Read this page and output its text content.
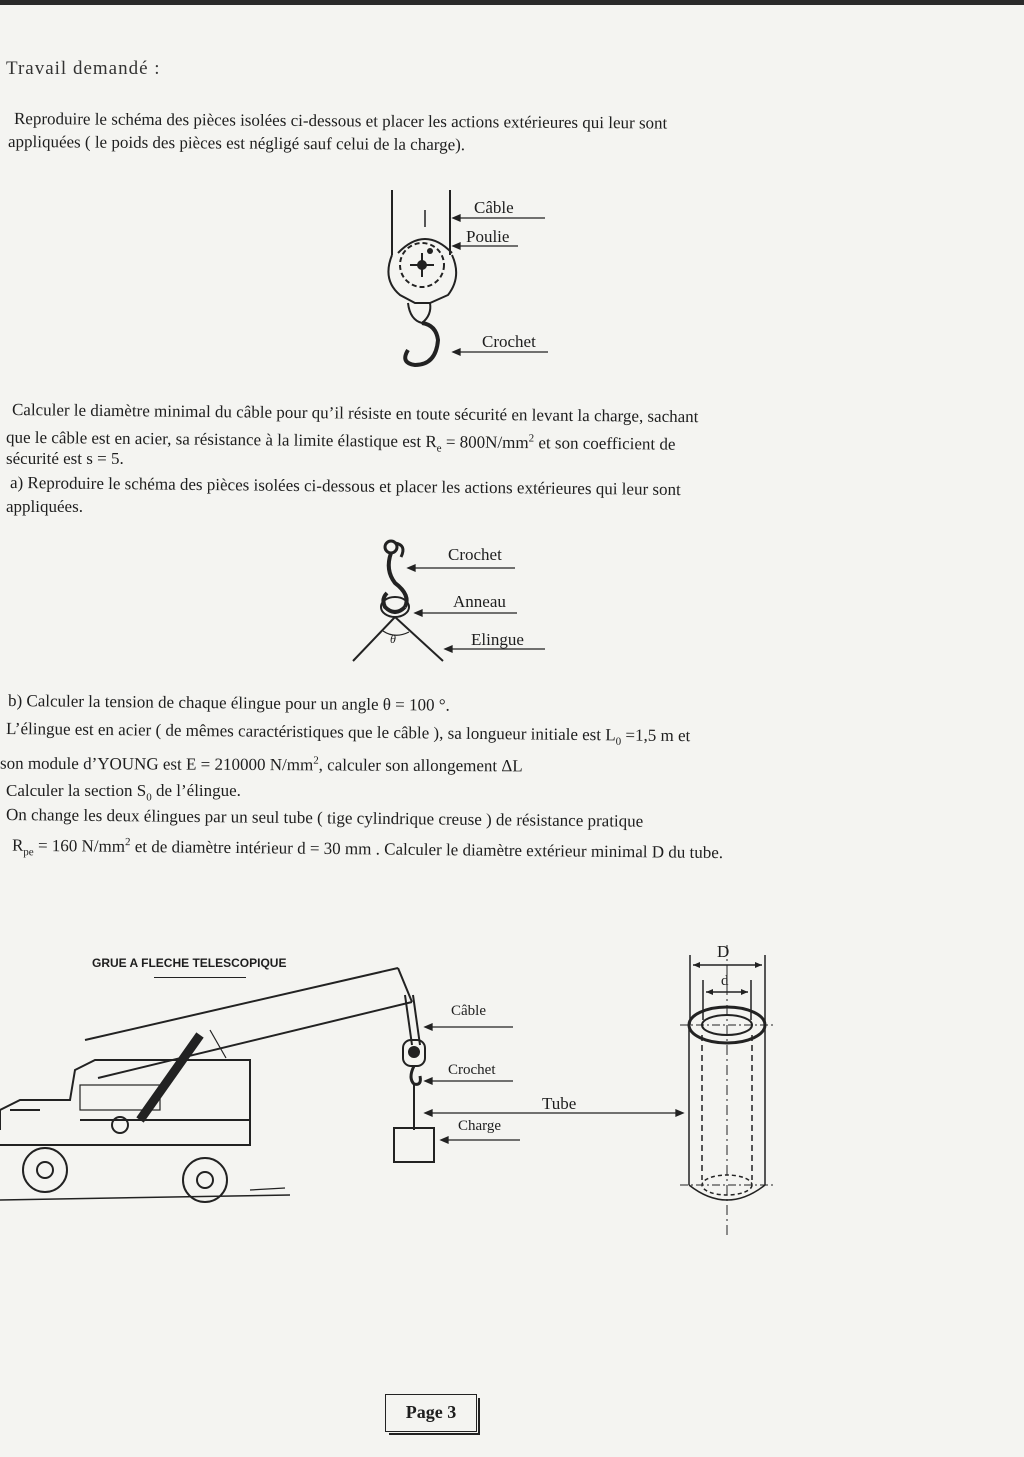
Travail demandé :
Reproduire le schéma des pièces isolées ci-dessous et placer les actions extérieures qui leur sont
appliquées ( le poids des pièces est négligé sauf celui de la charge).
Câble
Poulie
Crochet
Calculer le diamètre minimal du câble pour qu’il résiste en toute sécurité en levant la charge, sachant
que le câble est en acier, sa résistance à la limite élastique est $R_e = 800N/mm^2$ et son coefficient de
sécurité est s = 5.
a) Reproduire le schéma des pièces isolées ci-dessous et placer les actions extérieures qui leur sont
appliquées.
θ
Crochet
Anneau
Elingue
b) Calculer la tension de chaque élingue pour un angle θ = 100 °.
L’élingue est en acier ( de mêmes caractéristiques que le câble ), sa longueur initiale est $L_0 =1,5$ m et
son module d’YOUNG est E = 210000 $N/mm^2$, calculer son allongement ΔL
Calculer la section $S_0$ de l’élingue.
On change les deux élingues par un seul tube ( tige cylindrique creuse ) de résistance pratique
$R_{pe} = 160$ $N/mm^2$ et de diamètre intérieur d = 30 mm . Calculer le diamètre extérieur minimal D du tube.
GRUE A FLECHE TELESCOPIQUE
Câble
Crochet
Tube
Charge
D
d
Page 3
